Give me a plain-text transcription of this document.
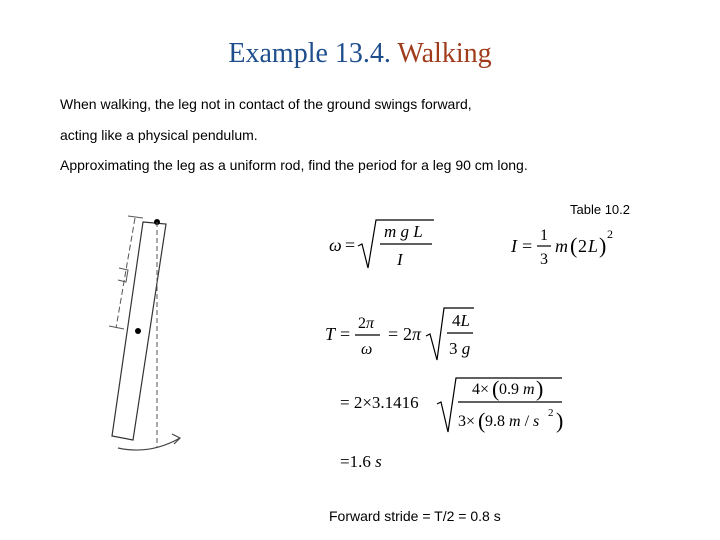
Example 13.4. Walking
When walking, the leg not in contact of the ground swings forward,
acting like a physical pendulum.
Approximating the leg as a uniform rod, find the period for a leg 90 cm long.
Table 10.2
ω =
m g L
I
I =
1
3
m ( 2 L ) 2
T =
2π
ω
= 2π
4L
3 g
= 2×3.1416
4× ( 0.9 m )
3× ( 9.8 m / s 2 )
=1.6 s
Forward stride = T/2 = 0.8 s
